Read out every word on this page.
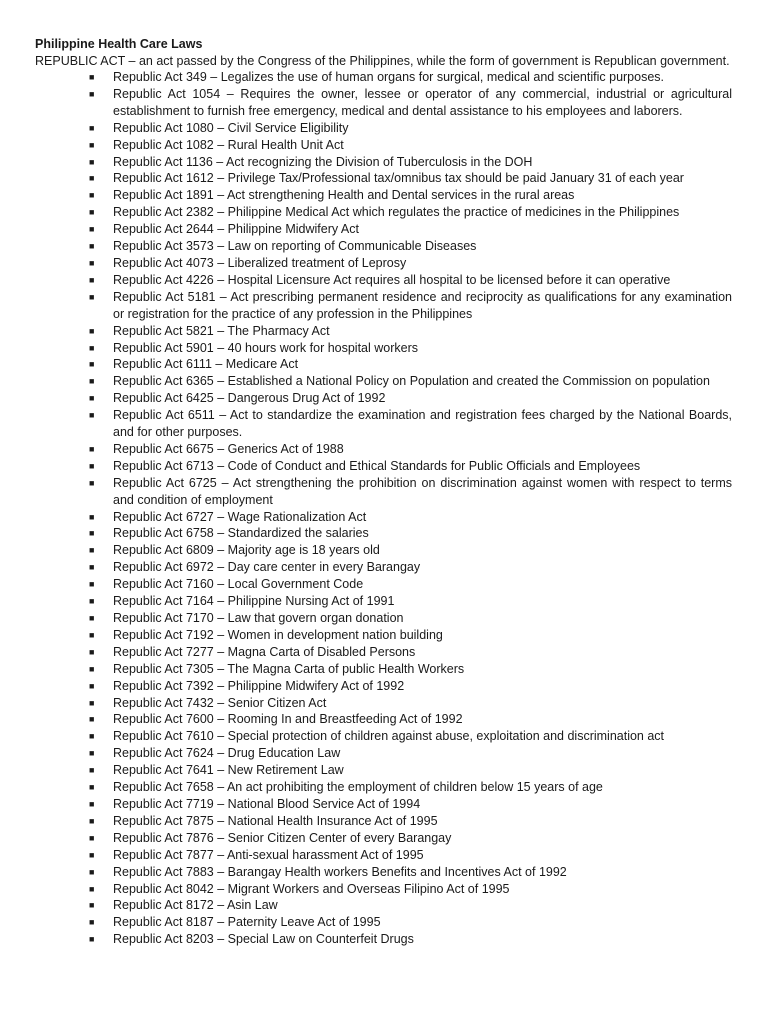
Philippine Health Care Laws

REPUBLIC ACT – an act passed by the Congress of the Philippines, while the form of government is Republican government.

■ Republic Act 349 – Legalizes the use of human organs for surgical, medical and scientific purposes.
■ Republic Act 1054 – Requires the owner, lessee or operator of any commercial, industrial or agricultural establishment to furnish free emergency, medical and dental assistance to his employees and laborers.
■ Republic Act 1080 – Civil Service Eligibility
■ Republic Act 1082 – Rural Health Unit Act
■ Republic Act 1136 – Act recognizing the Division of Tuberculosis in the DOH
■ Republic Act 1612 – Privilege Tax/Professional tax/omnibus tax should be paid January 31 of each year
■ Republic Act 1891 – Act strengthening Health and Dental services in the rural areas
■ Republic Act 2382 – Philippine Medical Act which regulates the practice of medicines in the Philippines
■ Republic Act 2644 – Philippine Midwifery Act
■ Republic Act 3573 – Law on reporting of Communicable Diseases
■ Republic Act 4073 – Liberalized treatment of Leprosy
■ Republic Act 4226 – Hospital Licensure Act requires all hospital to be licensed before it can operative
■ Republic Act 5181 – Act prescribing permanent residence and reciprocity as qualifications for any examination or registration for the practice of any profession in the Philippines
■ Republic Act 5821 – The Pharmacy Act
■ Republic Act 5901 – 40 hours work for hospital workers
■ Republic Act 6111 – Medicare Act
■ Republic Act 6365 – Established a National Policy on Population and created the Commission on population
■ Republic Act 6425 – Dangerous Drug Act of 1992
■ Republic Act 6511 – Act to standardize the examination and registration fees charged by the National Boards, and for other purposes.
■ Republic Act 6675 – Generics Act of 1988
■ Republic Act 6713 – Code of Conduct and Ethical Standards for Public Officials and Employees
■ Republic Act 6725 – Act strengthening the prohibition on discrimination against women with respect to terms and condition of employment
■ Republic Act 6727 – Wage Rationalization Act
■ Republic Act 6758 – Standardized the salaries
■ Republic Act 6809 – Majority age is 18 years old
■ Republic Act 6972 – Day care center in every Barangay
■ Republic Act 7160 – Local Government Code
■ Republic Act 7164 – Philippine Nursing Act of 1991
■ Republic Act 7170 – Law that govern organ donation
■ Republic Act 7192 – Women in development nation building
■ Republic Act 7277 – Magna Carta of Disabled Persons
■ Republic Act 7305 – The Magna Carta of public Health Workers
■ Republic Act 7392 – Philippine Midwifery Act of 1992
■ Republic Act 7432 – Senior Citizen Act
■ Republic Act 7600 – Rooming In and Breastfeeding Act of 1992
■ Republic Act 7610 – Special protection of children against abuse, exploitation and discrimination act
■ Republic Act 7624 – Drug Education Law
■ Republic Act 7641 – New Retirement Law
■ Republic Act 7658 – An act prohibiting the employment of children below 15 years of age
■ Republic Act 7719 – National Blood Service Act of 1994
■ Republic Act 7875 – National Health Insurance Act of 1995
■ Republic Act 7876 – Senior Citizen Center of every Barangay
■ Republic Act 7877 – Anti-sexual harassment Act of 1995
■ Republic Act 7883 – Barangay Health workers Benefits and Incentives Act of 1992
■ Republic Act 8042 – Migrant Workers and Overseas Filipino Act of 1995
■ Republic Act 8172 – Asin Law
■ Republic Act 8187 – Paternity Leave Act of 1995
■ Republic Act 8203 – Special Law on Counterfeit Drugs
